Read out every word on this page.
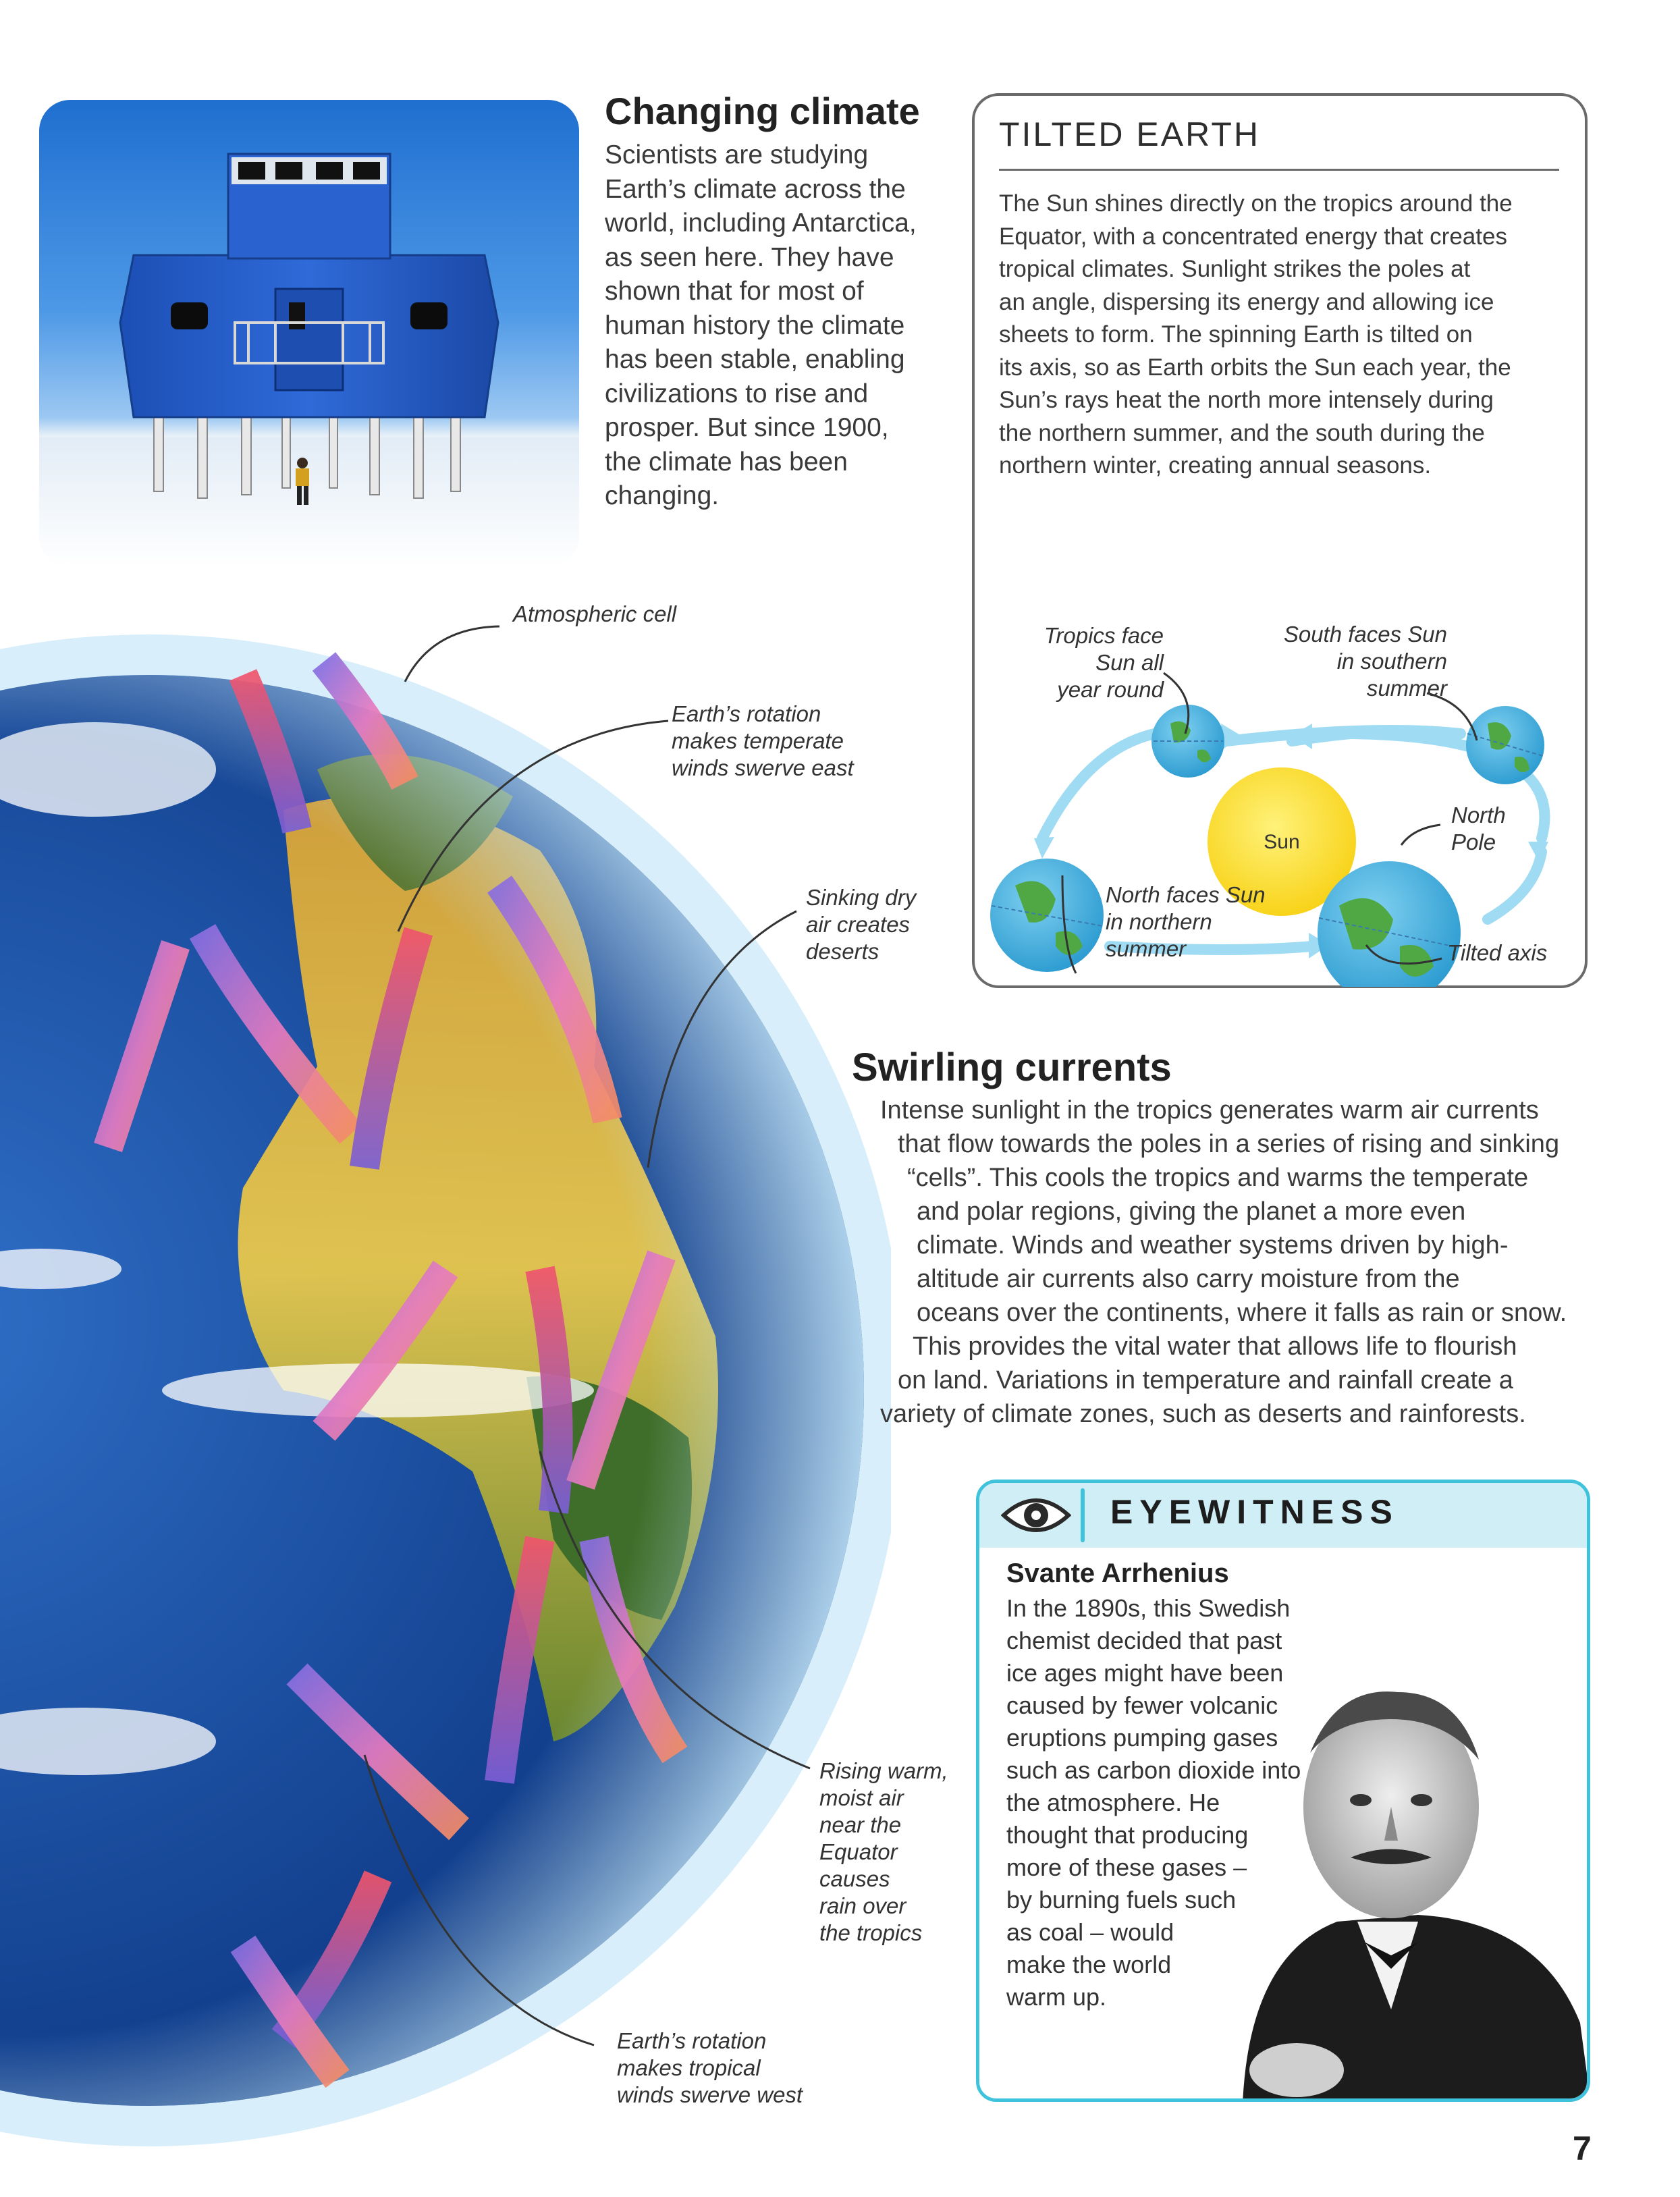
Changing climate
Scientists are studying
Earth’s climate across the
world, including Antarctica,
as seen here. They have
shown that for most of
human history the climate
has been stable, enabling
civilizations to rise and
prosper. But since 1900,
the climate has been
changing.
TILTED EARTH
The Sun shines directly on the tropics around the
Equator, with a concentrated energy that creates
tropical climates. Sunlight strikes the poles at
an angle, dispersing its energy and allowing ice
sheets to form. The spinning Earth is tilted on
its axis, so as Earth orbits the Sun each year, the
Sun’s rays heat the north more intensely during
the northern summer, and the south during the
northern winter, creating annual seasons.
Sun
Tropics face
Sun all
year round
South faces Sun
in southern
summer
North
Pole
North faces Sun
in northern
summer	Tilted axis
Atmospheric cell
Earth’s rotation
makes temperate
winds swerve east
Sinking dry
air creates
deserts
Rising warm,
moist air
near the
Equator
causes
rain over
the tropics
Earth’s rotation
makes tropical
winds swerve west
Swirling currents
Intense sunlight in the tropics generates warm air currents
that flow towards the poles in a series of rising and sinking
“cells”. This cools the tropics and warms the temperate
and polar regions, giving the planet a more even
climate. Winds and weather systems driven by high-
altitude air currents also carry moisture from the
oceans over the continents, where it falls as rain or snow.
This provides the vital water that allows life to flourish
on land. Variations in temperature and rainfall create a
variety of climate zones, such as deserts and rainforests.
EYEWITNESS
Svante Arrhenius
In the 1890s, this Swedish
chemist decided that past
ice ages might have been
caused by fewer volcanic
eruptions pumping gases
such as carbon dioxide into
the atmosphere. He
thought that producing
more of these gases –
by burning fuels such
as coal – would
make the world
warm up.
7
